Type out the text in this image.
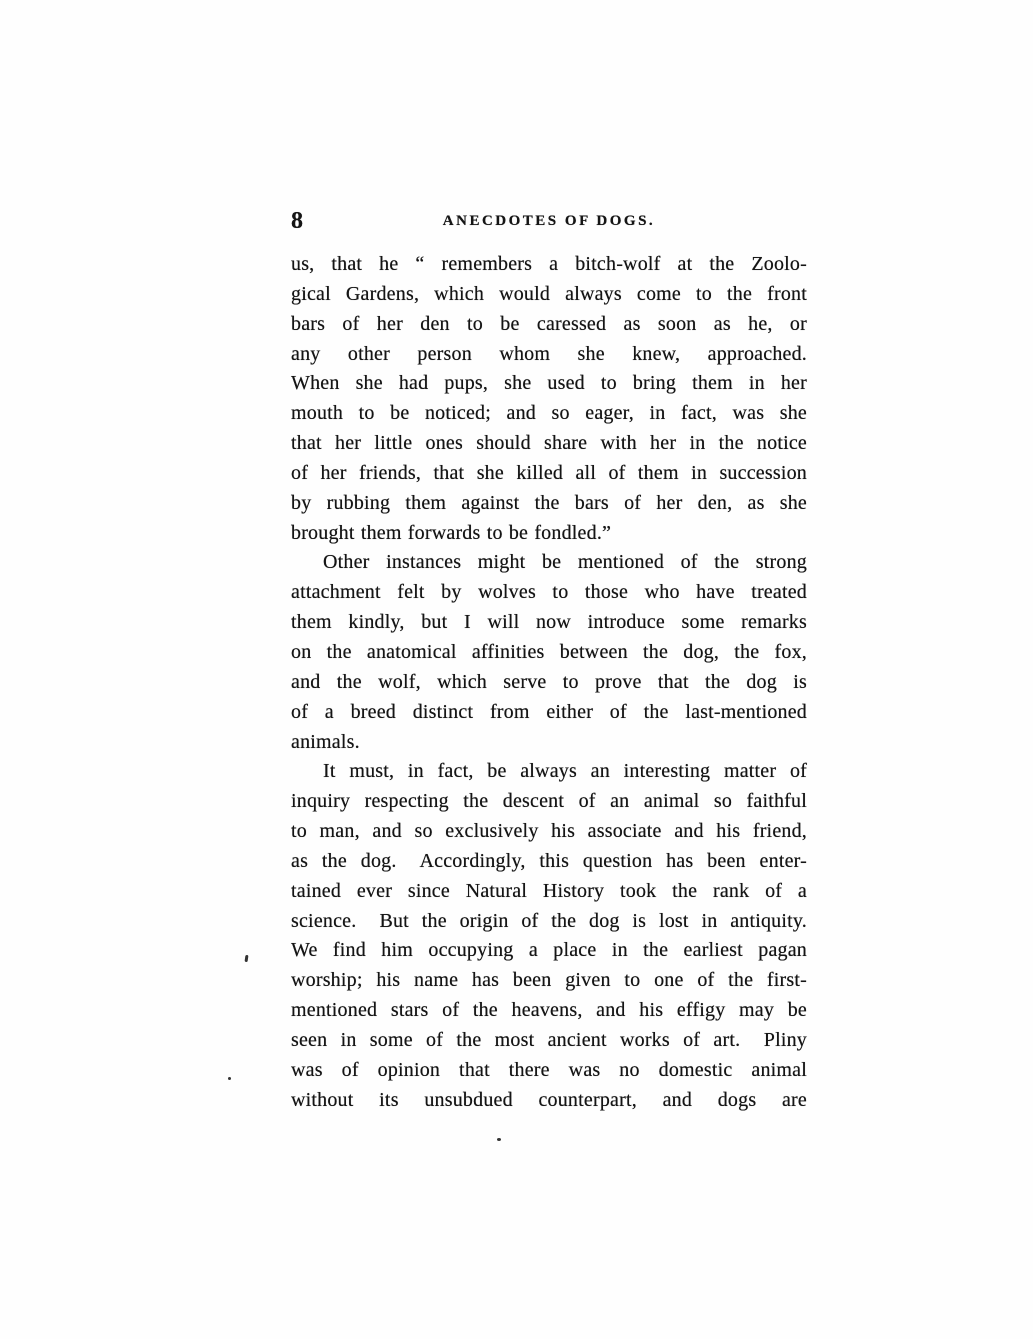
8	ANECDOTES OF DOGS.
us, that he “ remembers a bitch-wolf at the Zoolo-
gical Gardens, which would always come to the front
bars of her den to be caressed as soon as he, or
any other person whom she knew, approached.
When she had pups, she used to bring them in her
mouth to be noticed; and so eager, in fact, was she
that her little ones should share with her in the notice
of her friends, that she killed all of them in succession
by rubbing them against the bars of her den, as she
brought them forwards to be fondled.”
Other instances might be mentioned of the strong
attachment felt by wolves to those who have treated
them kindly, but I will now introduce some remarks
on the anatomical affinities between the dog, the fox,
and the wolf, which serve to prove that the dog is
of a breed distinct from either of the last-mentioned
animals.
It must, in fact, be always an interesting matter of
inquiry respecting the descent of an animal so faithful
to man, and so exclusively his associate and his friend,
as the dog.  Accordingly, this question has been enter-
tained ever since Natural History took the rank of a
science.  But the origin of the dog is lost in antiquity.
We find him occupying a place in the earliest pagan
worship; his name has been given to one of the first-
mentioned stars of the heavens, and his effigy may be
seen in some of the most ancient works of art.  Pliny
was of opinion that there was no domestic animal
without its unsubdued counterpart, and dogs are
